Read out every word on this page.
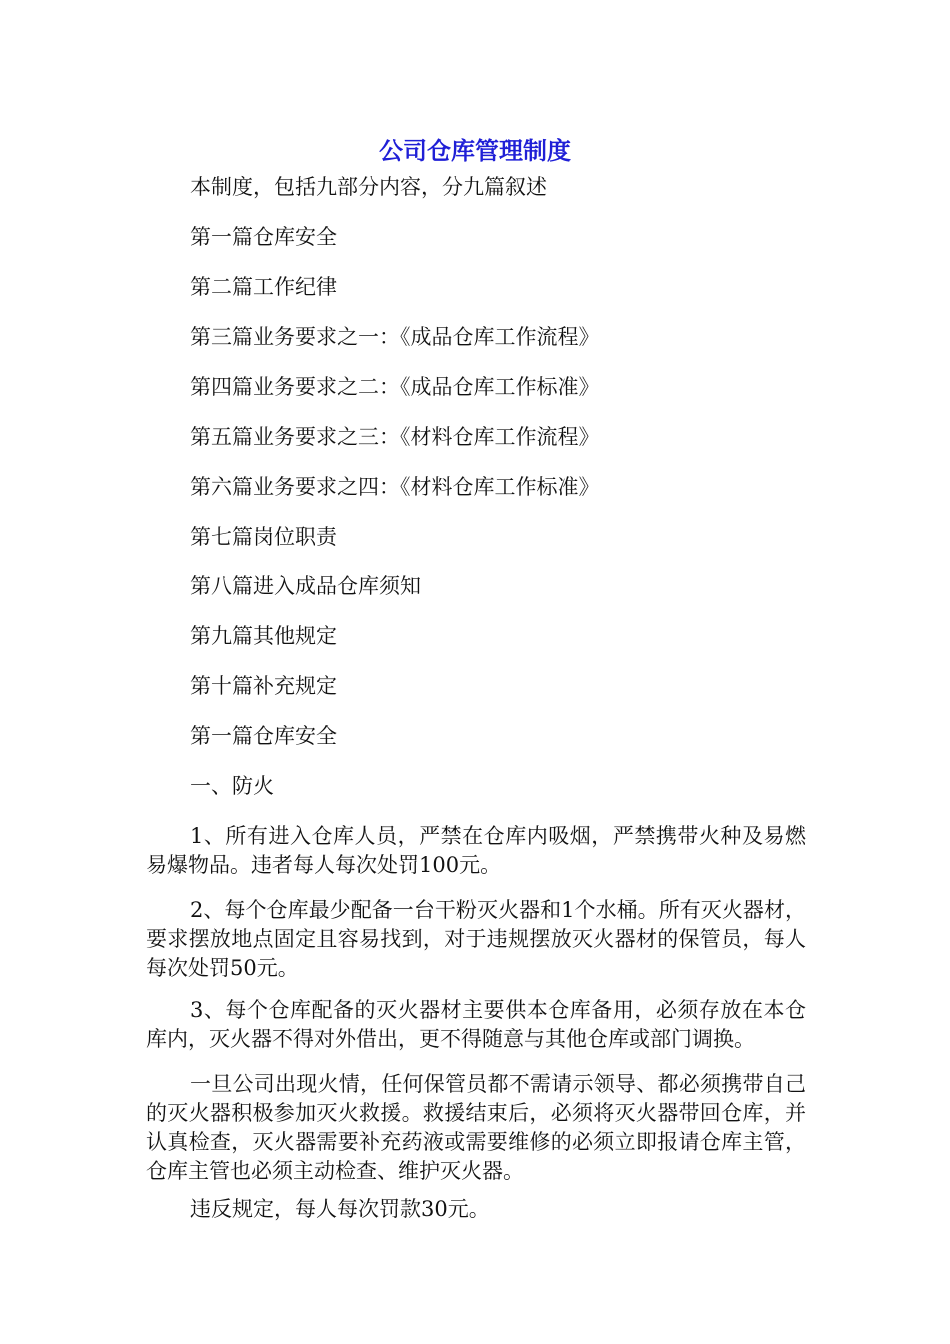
公司仓库管理制度
本制度，包括九部分内容，分九篇叙述
第一篇仓库安全
第二篇工作纪律
第三篇业务要求之一：《成品仓库工作流程》
第四篇业务要求之二：《成品仓库工作标准》
第五篇业务要求之三：《材料仓库工作流程》
第六篇业务要求之四：《材料仓库工作标准》
第七篇岗位职责
第八篇进入成品仓库须知
第九篇其他规定
第十篇补充规定
第一篇仓库安全
一、防火
1、所有进入仓库人员，严禁在仓库内吸烟，严禁携带火种及易燃易爆物品。违者每人每次处罚100元。
2、每个仓库最少配备一台干粉灭火器和1个水桶。所有灭火器材，要求摆放地点固定且容易找到，对于违规摆放灭火器材的保管员，每人每次处罚50元。
3、每个仓库配备的灭火器材主要供本仓库备用，必须存放在本仓库内，灭火器不得对外借出，更不得随意与其他仓库或部门调换。
一旦公司出现火情，任何保管员都不需请示领导、都必须携带自己的灭火器积极参加灭火救援。救援结束后，必须将灭火器带回仓库，并认真检查，灭火器需要补充药液或需要维修的必须立即报请仓库主管，仓库主管也必须主动检查、维护灭火器。
违反规定，每人每次罚款30元。
